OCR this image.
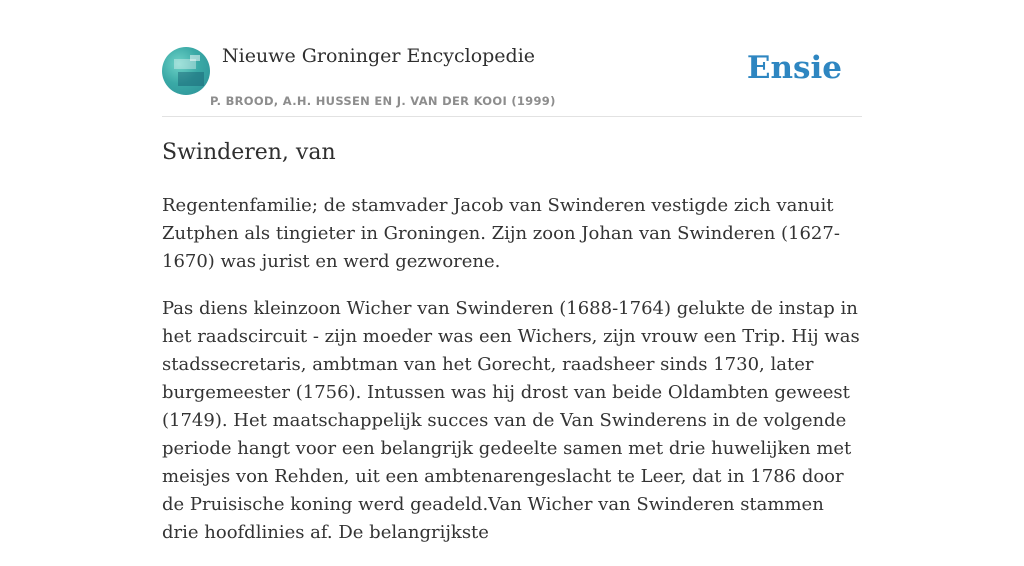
Nieuwe Groninger Encyclopedie
P. BROOD, A.H. HUSSEN EN J. VAN DER KOOI (1999)
Ensie
Swinderen, van

Regentenfamilie; de stamvader Jacob van Swinderen vestigde zich vanuit Zutphen als tingieter in Groningen. Zijn zoon Johan van Swinderen (1627-1670) was jurist en werd gezworene.

Pas diens kleinzoon Wicher van Swinderen (1688-1764) gelukte de instap in het raadscircuit - zijn moeder was een Wichers, zijn vrouw een Trip. Hij was stadssecretaris, ambtman van het Gorecht, raadsheer sinds 1730, later burgemeester (1756). Intussen was hij drost van beide Oldambten geweest (1749). Het maatschappelijk succes van de Van Swinderens in de volgende periode hangt voor een belangrijk gedeelte samen met drie huwelijken met meisjes von Rehden, uit een ambtenarengeslacht te Leer, dat in 1786 door de Pruisische koning werd geadeld.Van Wicher van Swinderen stammen drie hoofdlinies af. De belangrijkste
